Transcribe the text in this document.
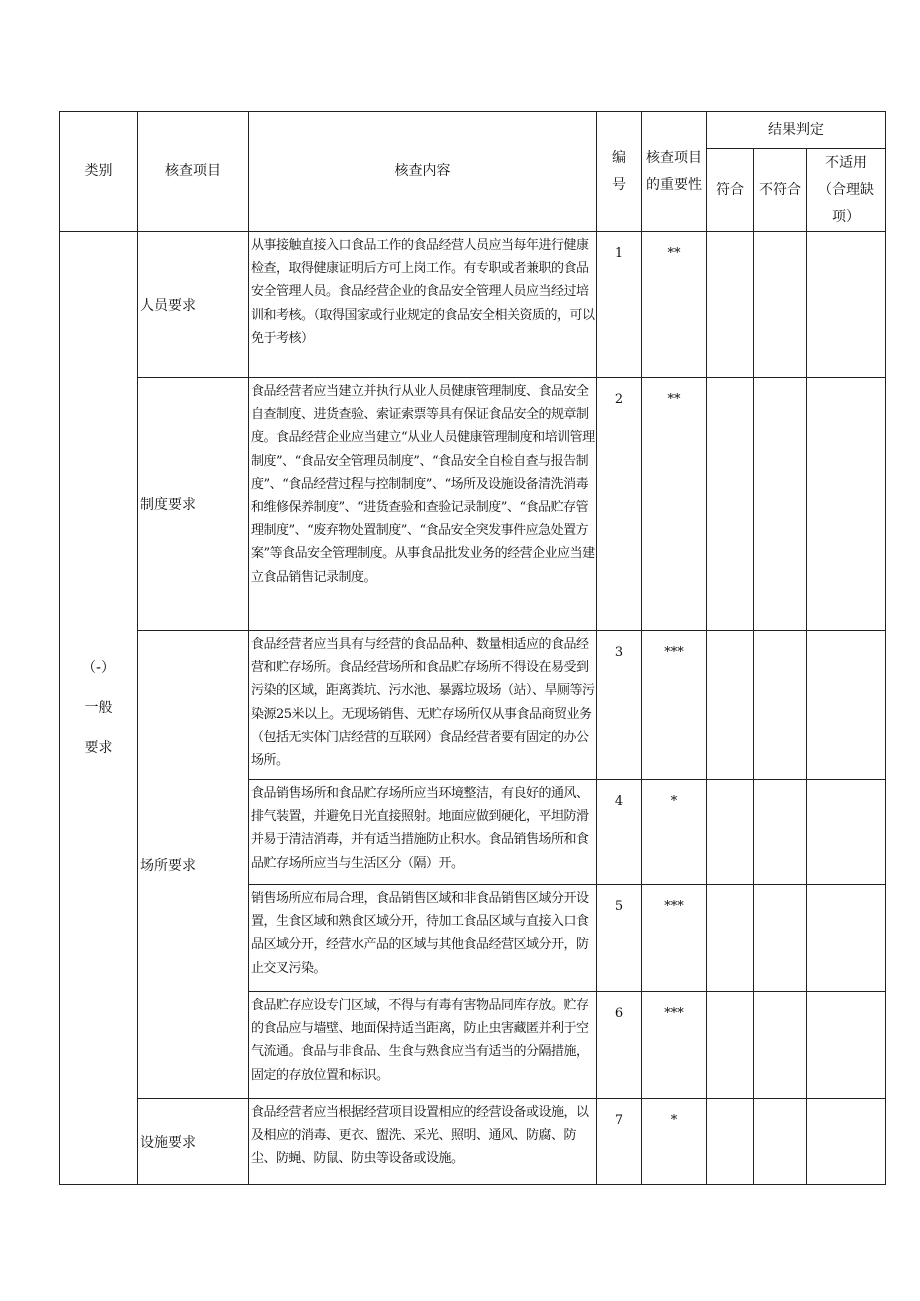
类别	核查项目	核查内容	编号	核查项目的重要性	结果判定		
					符合	不符合	不适用（合理缺项）

（-）
一般
要求	人员要求	从事接触直接入口食品工作的食品经营人员应当每年进行健康检查，取得健康证明后方可上岗工作。有专职或者兼职的食品安全管理人员。食品经营企业的食品安全管理人员应当经过培训和考核。（取得国家或行业规定的食品安全相关资质的，可以免于考核）	1	**			
	制度要求	食品经营者应当建立并执行从业人员健康管理制度、食品安全自查制度、进货查验、索证索票等具有保证食品安全的规章制度。食品经营企业应当建立“从业人员健康管理制度和培训管理制度”、“食品安全管理员制度”、“食品安全自检自查与报告制度”、“食品经营过程与控制制度”、“场所及设施设备清洗消毒和维修保养制度”、“进货查验和查验记录制度”、“食品贮存管理制度”、“废弃物处置制度”、“食品安全突发事件应急处置方案”等食品安全管理制度。从事食品批发业务的经营企业应当建立食品销售记录制度。	2	**			
	场所要求	食品经营者应当具有与经营的食品品种、数量相适应的食品经营和贮存场所。食品经营场所和食品贮存场所不得设在易受到污染的区域，距离粪坑、污水池、暴露垃圾场（站）、旱厕等污染源25米以上。无现场销售、无贮存场所仅从事食品商贸业务（包括无实体门店经营的互联网）食品经营者要有固定的办公场所。	3	***			
		食品销售场所和食品贮存场所应当环境整洁，有良好的通风、排气装置，并避免日光直接照射。地面应做到硬化，平坦防滑并易于清洁消毒，并有适当措施防止积水。食品销售场所和食品贮存场所应当与生活区分（隔）开。	4	*			
		销售场所应布局合理，食品销售区域和非食品销售区域分开设置，生食区域和熟食区域分开，待加工食品区域与直接入口食品区域分开，经营水产品的区域与其他食品经营区域分开，防止交叉污染。	5	***			
		食品贮存应设专门区域，不得与有毒有害物品同库存放。贮存的食品应与墙壁、地面保持适当距离，防止虫害藏匿并利于空气流通。食品与非食品、生食与熟食应当有适当的分隔措施，固定的存放位置和标识。	6	***			
	设施要求	食品经营者应当根据经营项目设置相应的经营设备或设施，以及相应的消毒、更衣、盥洗、采光、照明、通风、防腐、防尘、防蝇、防鼠、防虫等设备或设施。	7	*			
